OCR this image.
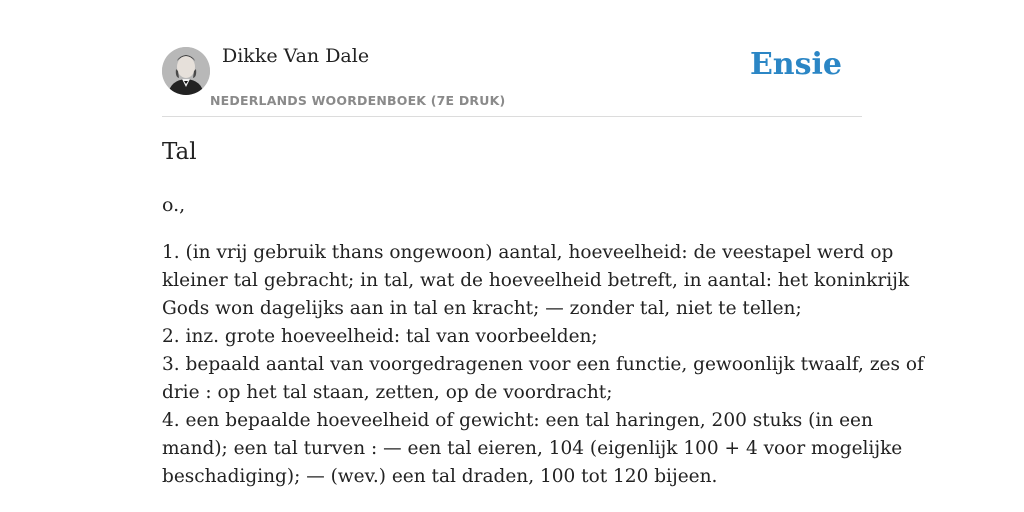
Dikke Van Dale
NEDERLANDS WOORDENBOEK (7E DRUK)
Ensie
Tal
o.,
1. (in vrij gebruik thans ongewoon) aantal, hoeveelheid: de veestapel werd op
kleiner tal gebracht; in tal, wat de hoeveelheid betreft, in aantal: het koninkrijk
Gods won dagelijks aan in tal en kracht; — zonder tal, niet te tellen;
2. inz. grote hoeveelheid: tal van voorbeelden;
3. bepaald aantal van voorgedragenen voor een functie, gewoonlijk twaalf, zes of
drie : op het tal staan, zetten, op de voordracht;
4. een bepaalde hoeveelheid of gewicht: een tal haringen, 200 stuks (in een
mand); een tal turven : — een tal eieren, 104 (eigenlijk 100 + 4 voor mogelijke
beschadiging); — (wev.) een tal draden, 100 tot 120 bijeen.
